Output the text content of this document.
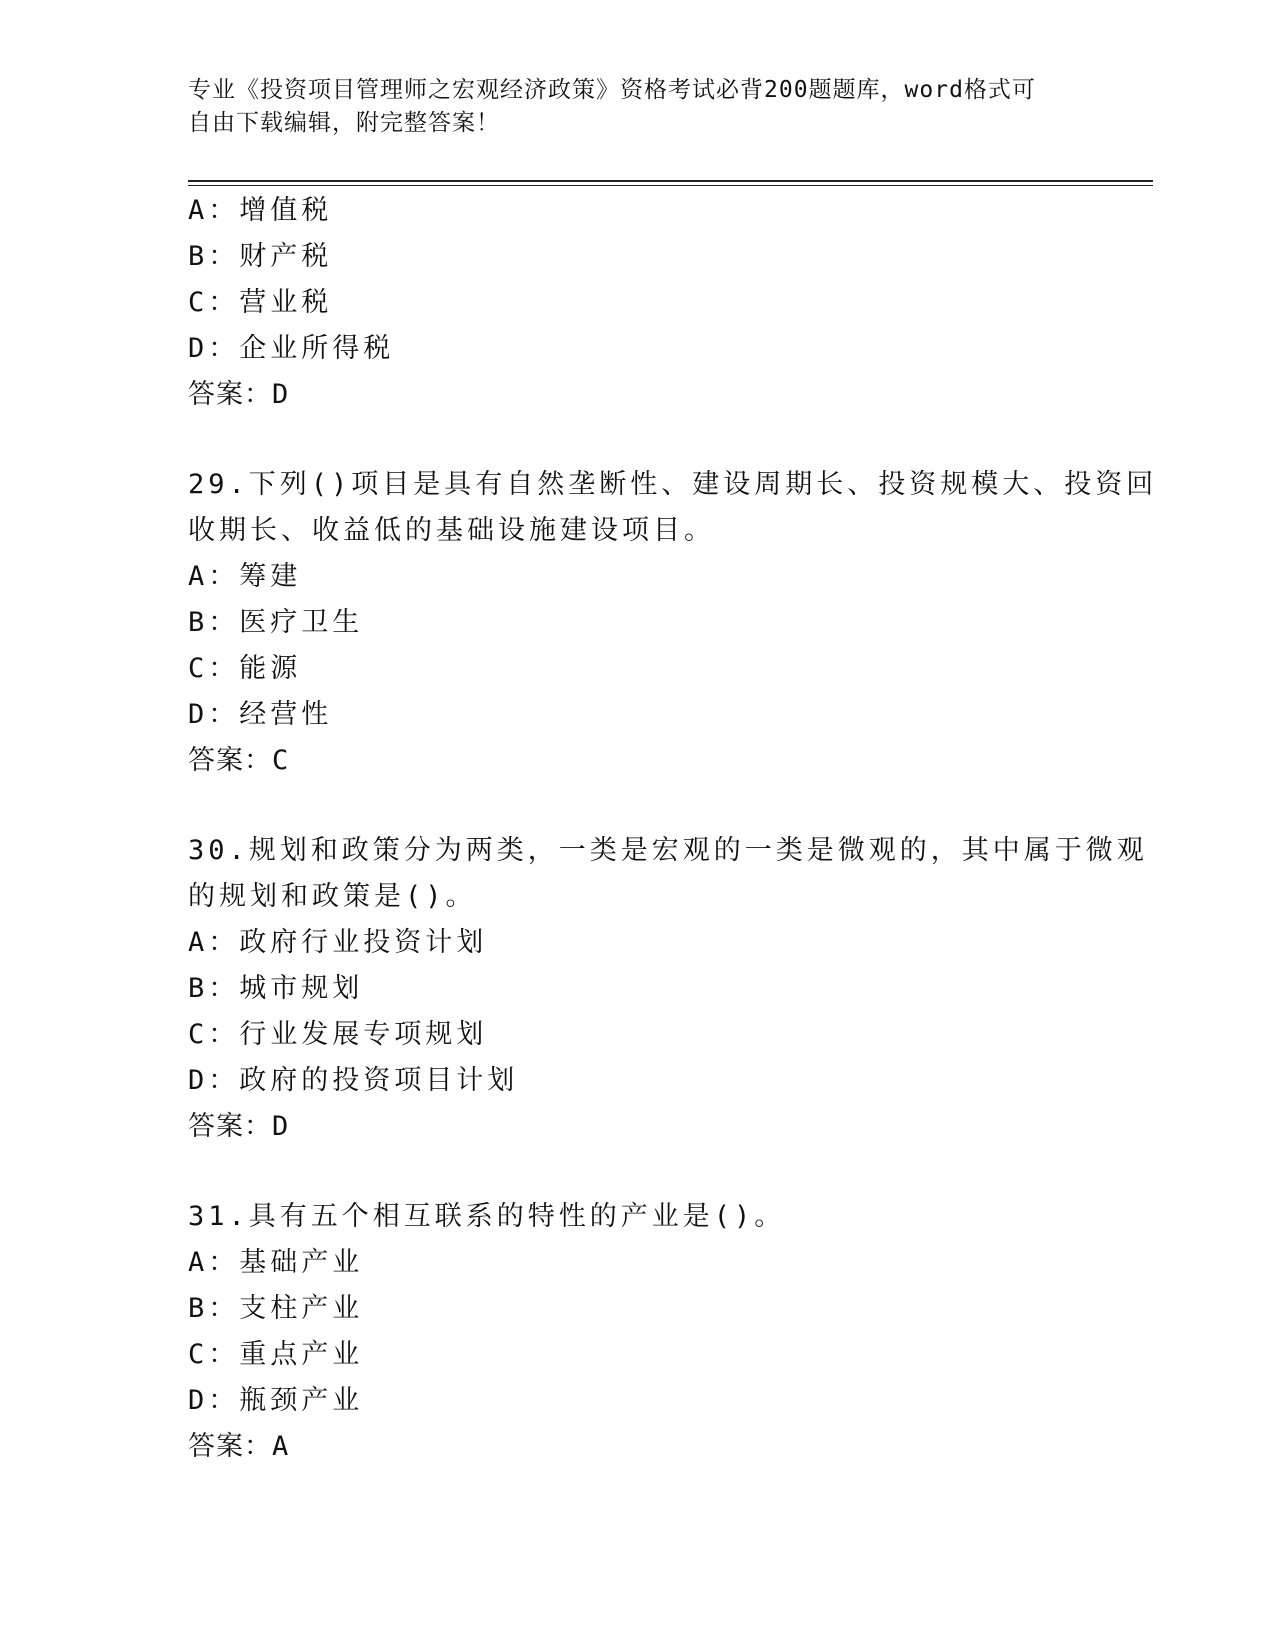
专业《投资项目管理师之宏观经济政策》资格考试必背200题题库，word格式可
自由下载编辑，附完整答案！
A：增值税
B：财产税
C：营业税
D：企业所得税
答案：D
29.下列()项目是具有自然垄断性、建设周期长、投资规模大、投资回
收期长、收益低的基础设施建设项目。
A：筹建
B：医疗卫生
C：能源
D：经营性
答案：C
30.规划和政策分为两类，一类是宏观的一类是微观的，其中属于微观
的规划和政策是()。
A：政府行业投资计划
B：城市规划
C：行业发展专项规划
D：政府的投资项目计划
答案：D
31.具有五个相互联系的特性的产业是()。
A：基础产业
B：支柱产业
C：重点产业
D：瓶颈产业
答案：A
